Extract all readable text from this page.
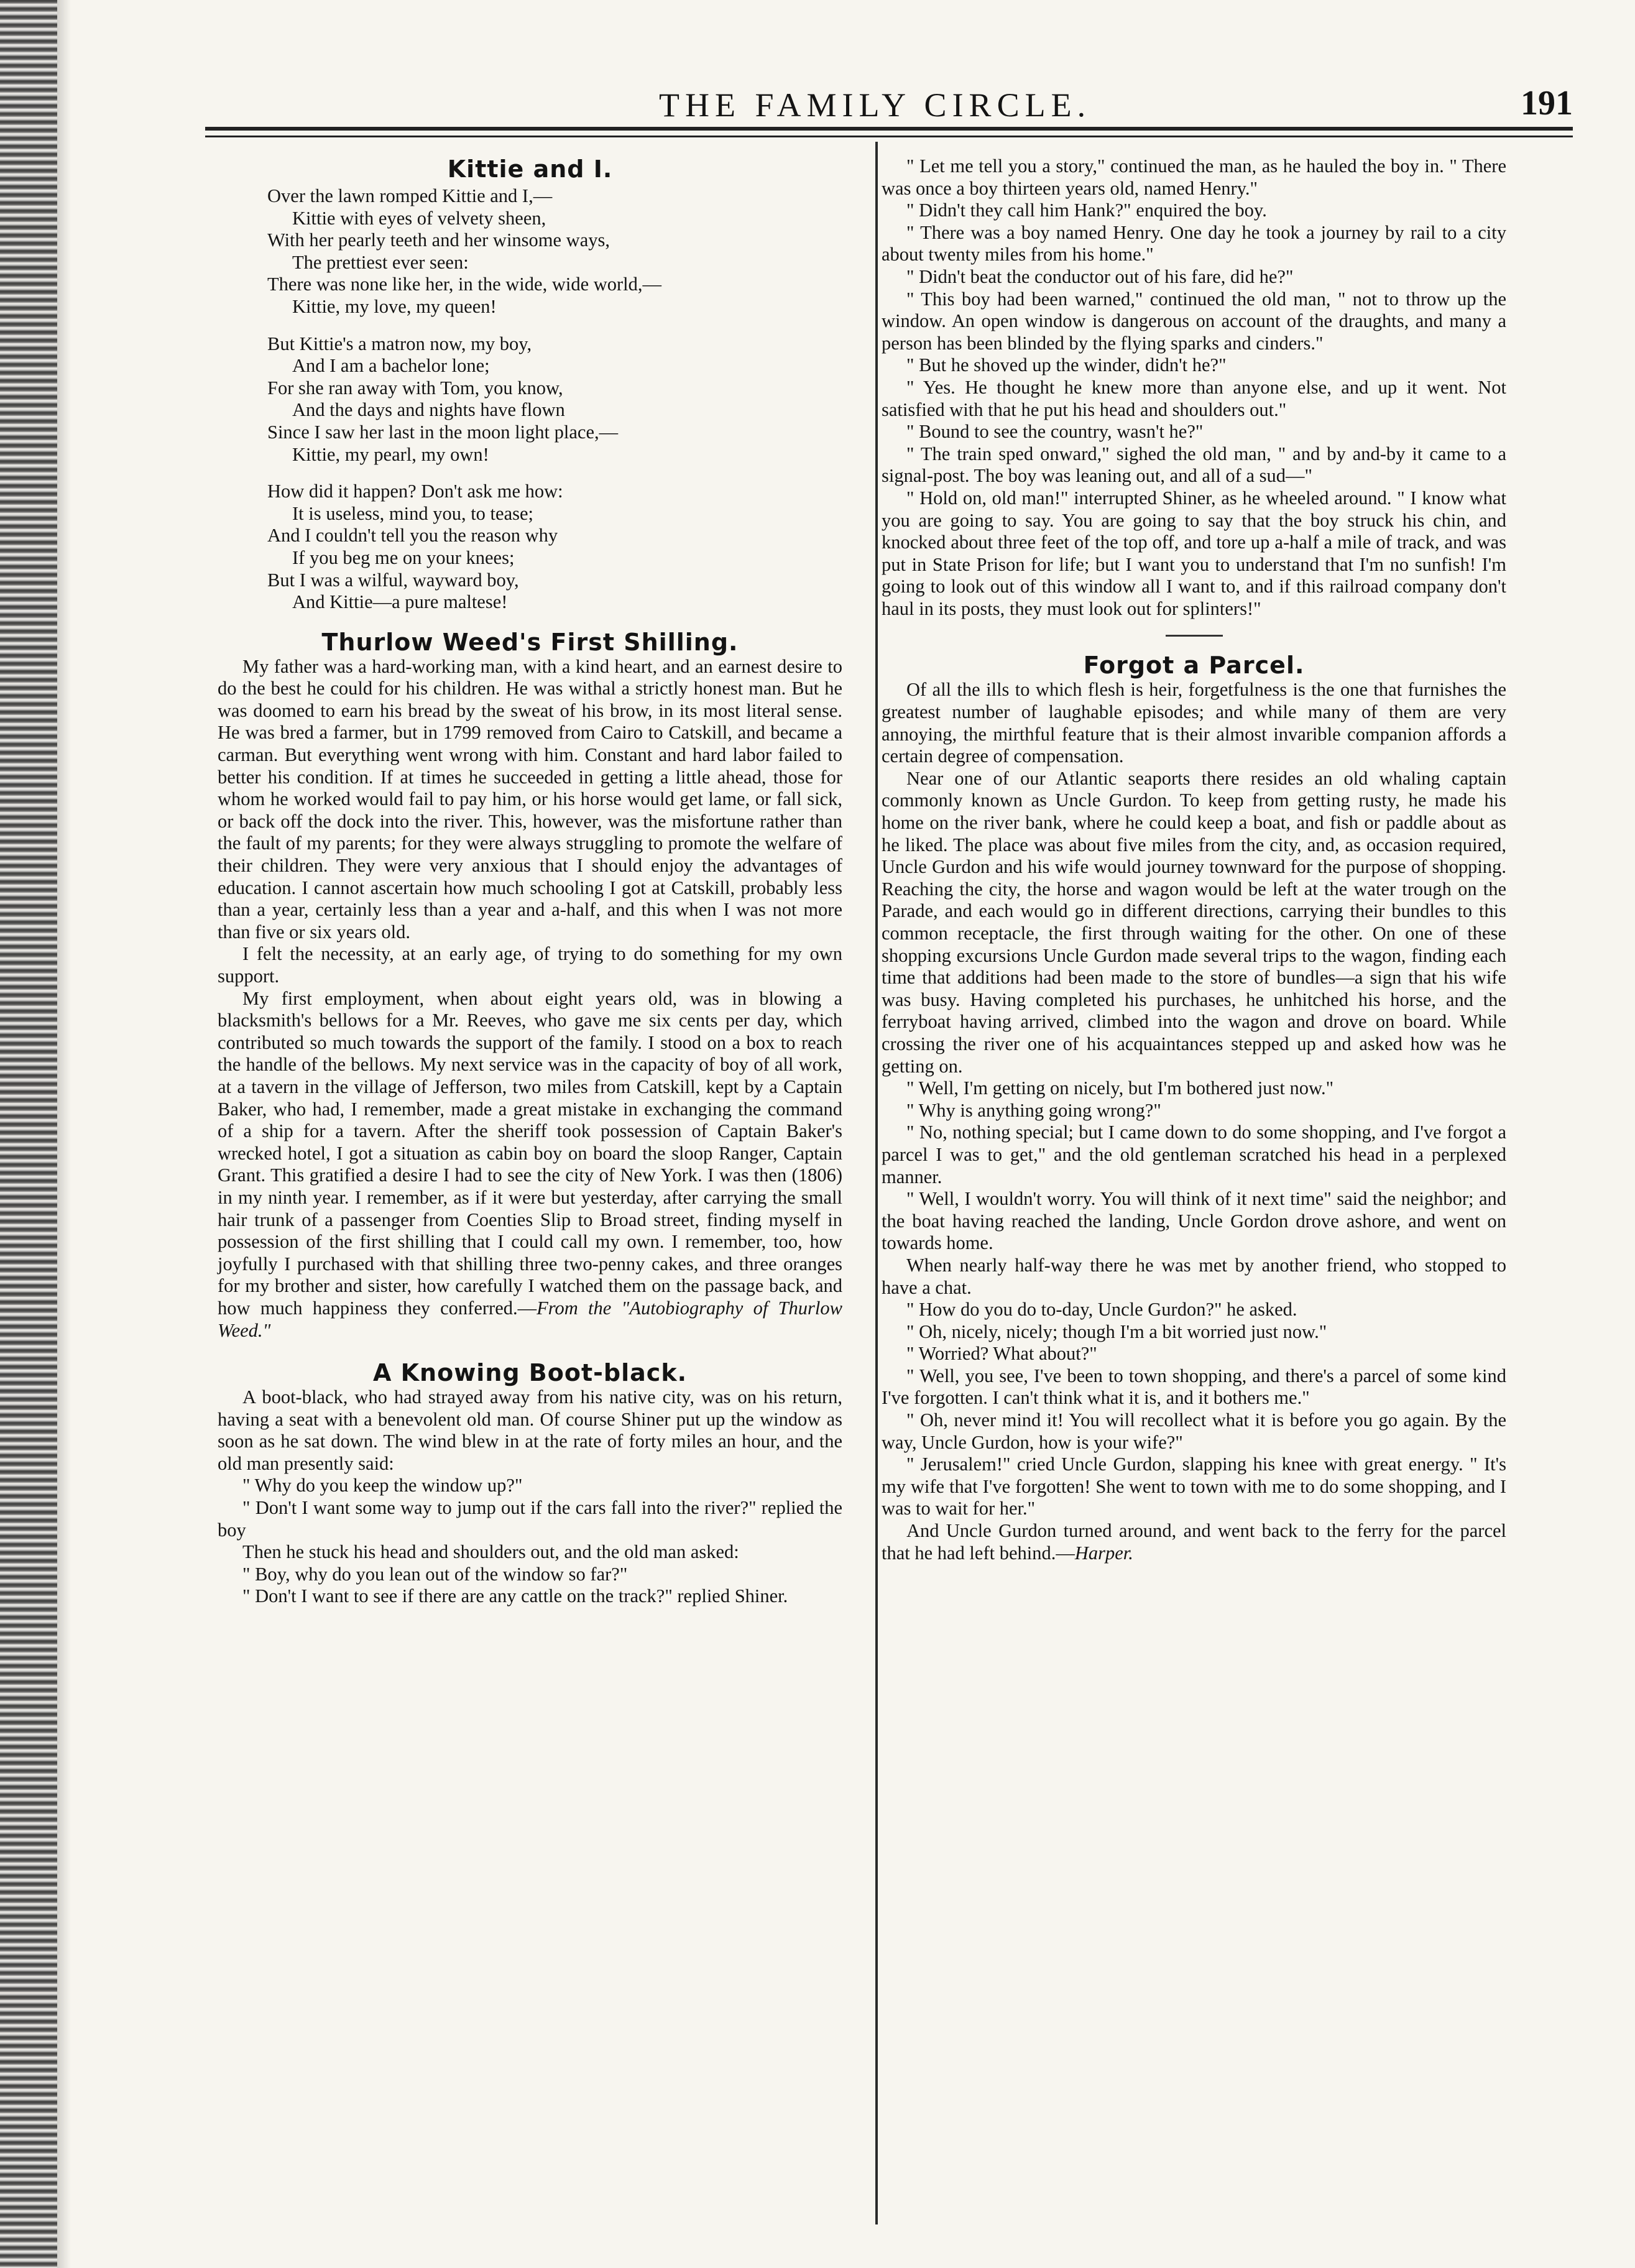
THE FAMILY CIRCLE.	191
Kittie and I.
Over the lawn romped Kittie and I,—
Kittie with eyes of velvety sheen,
With her pearly teeth and her winsome ways,
The prettiest ever seen:
There was none like her, in the wide, wide world,—
Kittie, my love, my queen!
But Kittie's a matron now, my boy,
And I am a bachelor lone;
For she ran away with Tom, you know,
And the days and nights have flown
Since I saw her last in the moon light place,—
Kittie, my pearl, my own!
How did it happen? Don't ask me how:
It is useless, mind you, to tease;
And I couldn't tell you the reason why
If you beg me on your knees;
But I was a wilful, wayward boy,
And Kittie—a pure maltese!
Thurlow Weed's First Shilling.

My father was a hard-working man, with a kind heart, and an earnest desire to do the best he could for his children. He was withal a strictly honest man. But he was doomed to earn his bread by the sweat of his brow, in its most literal sense. He was bred a farmer, but in 1799 removed from Cairo to Catskill, and became a carman. But everything went wrong with him. Constant and hard labor failed to better his condition. If at times he succeeded in getting a little ahead, those for whom he worked would fail to pay him, or his horse would get lame, or fall sick, or back off the dock into the river. This, however, was the misfortune rather than the fault of my parents; for they were always struggling to promote the welfare of their children. They were very anxious that I should enjoy the advantages of education. I cannot ascertain how much schooling I got at Catskill, probably less than a year, certainly less than a year and a-half, and this when I was not more than five or six years old.

I felt the necessity, at an early age, of trying to do something for my own support.

My first employment, when about eight years old, was in blowing a blacksmith's bellows for a Mr. Reeves, who gave me six cents per day, which contributed so much towards the support of the family. I stood on a box to reach the handle of the bellows. My next service was in the capacity of boy of all work, at a tavern in the village of Jefferson, two miles from Catskill, kept by a Captain Baker, who had, I remember, made a great mistake in exchanging the command of a ship for a tavern. After the sheriff took possession of Captain Baker's wrecked hotel, I got a situation as cabin boy on board the sloop Ranger, Captain Grant. This gratified a desire I had to see the city of New York. I was then (1806) in my ninth year. I remember, as if it were but yesterday, after carrying the small hair trunk of a passenger from Coenties Slip to Broad street, finding myself in possession of the first shilling that I could call my own. I remember, too, how joyfully I purchased with that shilling three two-penny cakes, and three oranges for my brother and sister, how carefully I watched them on the passage back, and how much happiness they conferred.—From the "Autobiography of Thurlow Weed."

A Knowing Boot-black.

A boot-black, who had strayed away from his native city, was on his return, having a seat with a benevolent old man. Of course Shiner put up the window as soon as he sat down. The wind blew in at the rate of forty miles an hour, and the old man presently said:

" Why do you keep the window up?"

" Don't I want some way to jump out if the cars fall into the river?" replied the boy

Then he stuck his head and shoulders out, and the old man asked:

" Boy, why do you lean out of the window so far?"

" Don't I want to see if there are any cattle on the track?" replied Shiner.

" Let me tell you a story," continued the man, as he hauled the boy in. " There was once a boy thirteen years old, named Henry."

" Didn't they call him Hank?" enquired the boy.

" There was a boy named Henry. One day he took a journey by rail to a city about twenty miles from his home."

" Didn't beat the conductor out of his fare, did he?"

" This boy had been warned," continued the old man, " not to throw up the window. An open window is dangerous on account of the draughts, and many a person has been blinded by the flying sparks and cinders."

" But he shoved up the winder, didn't he?"

" Yes. He thought he knew more than anyone else, and up it went. Not satisfied with that he put his head and shoulders out."

" Bound to see the country, wasn't he?"

" The train sped onward," sighed the old man, " and by and-by it came to a signal-post. The boy was leaning out, and all of a sud—"

" Hold on, old man!" interrupted Shiner, as he wheeled around. " I know what you are going to say. You are going to say that the boy struck his chin, and knocked about three feet of the top off, and tore up a-half a mile of track, and was put in State Prison for life; but I want you to understand that I'm no sunfish! I'm going to look out of this window all I want to, and if this railroad company don't haul in its posts, they must look out for splinters!"

Forgot a Parcel.

Of all the ills to which flesh is heir, forgetfulness is the one that furnishes the greatest number of laughable episodes; and while many of them are very annoying, the mirthful feature that is their almost invarible companion affords a certain degree of compensation.

Near one of our Atlantic seaports there resides an old whaling captain commonly known as Uncle Gurdon. To keep from getting rusty, he made his home on the river bank, where he could keep a boat, and fish or paddle about as he liked. The place was about five miles from the city, and, as occasion required, Uncle Gurdon and his wife would journey townward for the purpose of shopping. Reaching the city, the horse and wagon would be left at the water trough on the Parade, and each would go in different directions, carrying their bundles to this common receptacle, the first through waiting for the other. On one of these shopping excursions Uncle Gurdon made several trips to the wagon, finding each time that additions had been made to the store of bundles—a sign that his wife was busy. Having completed his purchases, he unhitched his horse, and the ferryboat having arrived, climbed into the wagon and drove on board. While crossing the river one of his acquaintances stepped up and asked how was he getting on.

" Well, I'm getting on nicely, but I'm bothered just now."

" Why is anything going wrong?"

" No, nothing special; but I came down to do some shopping, and I've forgot a parcel I was to get," and the old gentleman scratched his head in a perplexed manner.

" Well, I wouldn't worry. You will think of it next time" said the neighbor; and the boat having reached the landing, Uncle Gordon drove ashore, and went on towards home.

When nearly half-way there he was met by another friend, who stopped to have a chat.

" How do you do to-day, Uncle Gurdon?" he asked.

" Oh, nicely, nicely; though I'm a bit worried just now."

" Worried? What about?"

" Well, you see, I've been to town shopping, and there's a parcel of some kind I've forgotten. I can't think what it is, and it bothers me."

" Oh, never mind it! You will recollect what it is before you go again. By the way, Uncle Gurdon, how is your wife?"

" Jerusalem!" cried Uncle Gurdon, slapping his knee with great energy. " It's my wife that I've forgotten! She went to town with me to do some shopping, and I was to wait for her."

And Uncle Gurdon turned around, and went back to the ferry for the parcel that he had left behind.—Harper.
